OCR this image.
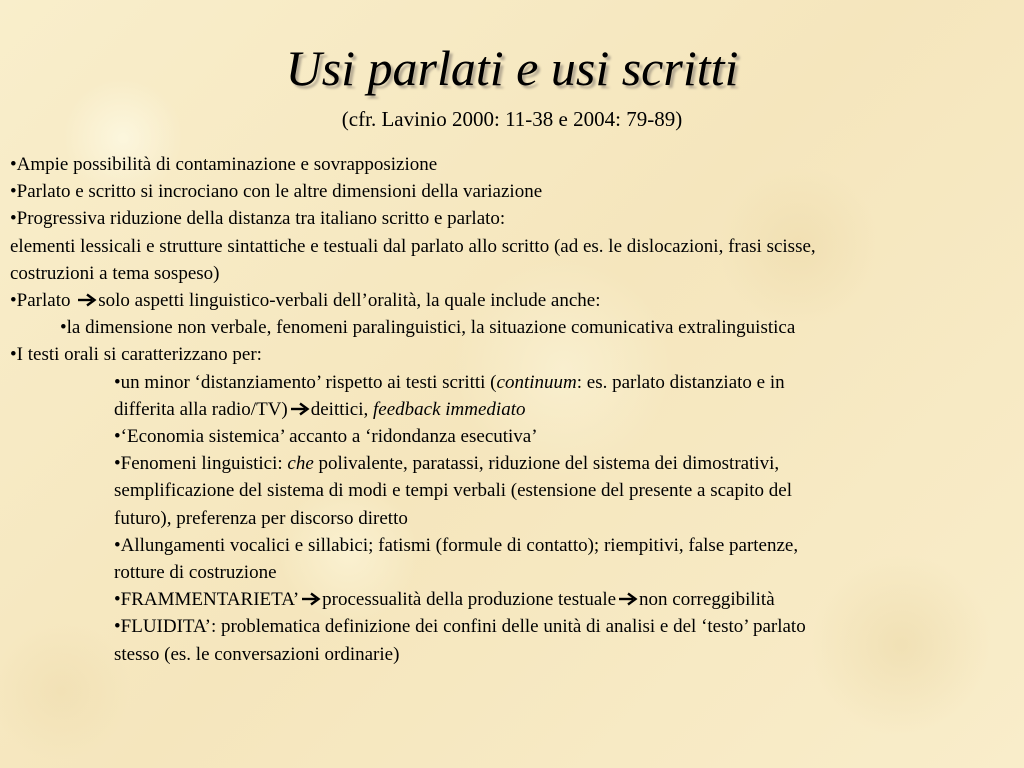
Usi parlati e usi scritti
(cfr. Lavinio 2000: 11-38 e 2004: 79-89)
•Ampie possibilità di contaminazione e sovrapposizione
•Parlato e scritto si incrociano con le altre dimensioni della variazione
•Progressiva riduzione della distanza tra italiano scritto e parlato:
elementi lessicali e strutture sintattiche e testuali dal parlato allo scritto (ad es. le dislocazioni, frasi scisse,
costruzioni a tema sospeso)
•Parlato
solo aspetti linguistico-verbali dell’oralità, la quale include anche:
•la dimensione non verbale, fenomeni paralinguistici, la situazione comunicativa extralinguistica
•I testi orali si caratterizzano per:
•un minor ‘distanziamento’ rispetto ai testi scritti (continuum: es. parlato distanziato e in
differita alla radio/TV) deittici, feedback immediato
•‘Economia sistemica’ accanto a ‘ridondanza esecutiva’
•Fenomeni linguistici: che polivalente, paratassi, riduzione del sistema dei dimostrativi,
semplificazione del sistema di modi e tempi verbali (estensione del presente a scapito del
futuro), preferenza per discorso diretto
•Allungamenti vocalici e sillabici; fatismi (formule di contatto); riempitivi, false partenze,
rotture di costruzione
•FRAMMENTARIETA’ processualità della produzione testuale non correggibilità
•FLUIDITA’: problematica definizione dei confini delle unità di analisi e del ‘testo’ parlato
stesso (es. le conversazioni ordinarie)
